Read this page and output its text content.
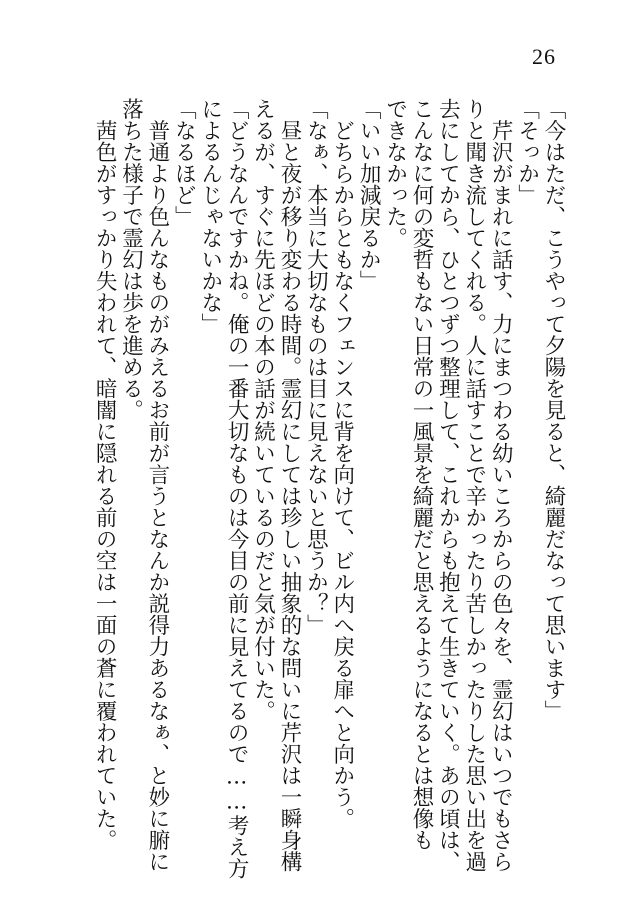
26

「今はただ、こうやって夕陽を見ると、綺麗だなって思います」

「そっか」

　芹沢がまれに話す、力にまつわる幼いころからの色々を、霊幻はいつでもさら

りと聞き流してくれる。人に話すことで辛かったり苦しかったりした思い出を過

去にしてから、ひとつずつ整理して、これからも抱えて生きていく。あの頃は、

こんなに何の変哲もない日常の一風景を綺麗だと思えるようになるとは想像も

できなかった。

「いい加減戻るか」

　どちらからともなくフェンスに背を向けて、ビル内へ戻る扉へと向かう。

「なぁ、本当に大切なものは目に見えないと思うか？」

　昼と夜が移り変わる時間。霊幻にしては珍しい抽象的な問いに芹沢は一瞬身構

えるが、すぐに先ほどの本の話が続いているのだと気が付いた。

「どうなんですかね。俺の一番大切なものは今目の前に見えてるので……考え方

によるんじゃないかな」

「なるほど」

　普通より色んなものがみえるお前が言うとなんか説得力あるなぁ、と妙に腑に

落ちた様子で霊幻は歩を進める。

　茜色がすっかり失われて、暗闇に隠れる前の空は一面の蒼に覆われていた。
